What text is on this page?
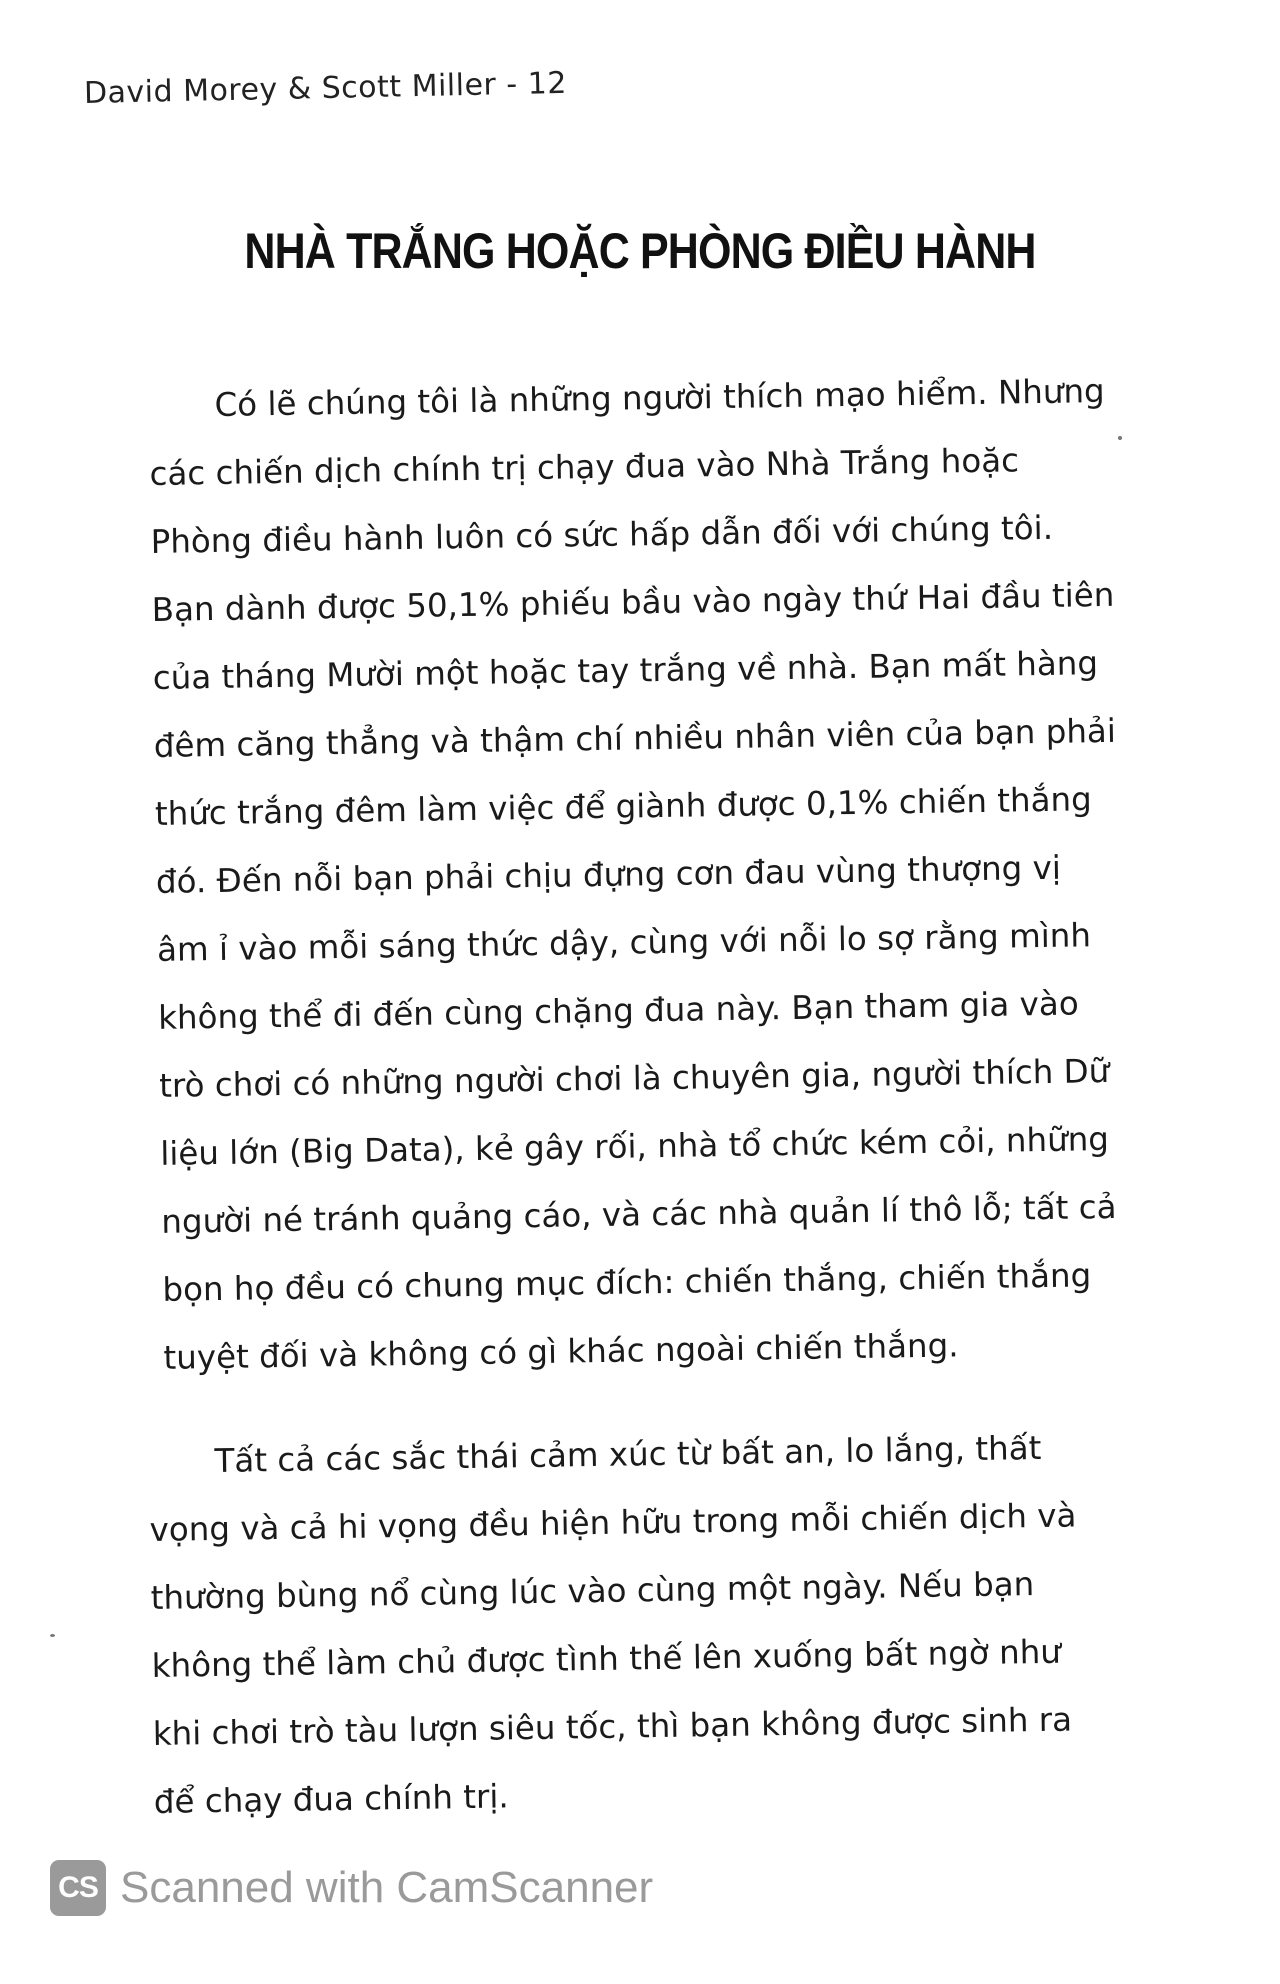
David Morey & Scott Miller - 12
NHÀ TRẮNG HOẶC PHÒNG ĐIỀU HÀNH
Có lẽ chúng tôi là những người thích mạo hiểm. Nhưng
các chiến dịch chính trị chạy đua vào Nhà Trắng hoặc
Phòng điều hành luôn có sức hấp dẫn đối với chúng tôi.
Bạn dành được 50,1% phiếu bầu vào ngày thứ Hai đầu tiên
của tháng Mười một hoặc tay trắng về nhà. Bạn mất hàng
đêm căng thẳng và thậm chí nhiều nhân viên của bạn phải
thức trắng đêm làm việc để giành được 0,1% chiến thắng
đó. Đến nỗi bạn phải chịu đựng cơn đau vùng thượng vị
âm ỉ vào mỗi sáng thức dậy, cùng với nỗi lo sợ rằng mình
không thể đi đến cùng chặng đua này. Bạn tham gia vào
trò chơi có những người chơi là chuyên gia, người thích Dữ
liệu lớn (Big Data), kẻ gây rối, nhà tổ chức kém cỏi, những
người né tránh quảng cáo, và các nhà quản lí thô lỗ; tất cả
bọn họ đều có chung mục đích: chiến thắng, chiến thắng
tuyệt đối và không có gì khác ngoài chiến thắng.
Tất cả các sắc thái cảm xúc từ bất an, lo lắng, thất
vọng và cả hi vọng đều hiện hữu trong mỗi chiến dịch và
thường bùng nổ cùng lúc vào cùng một ngày. Nếu bạn
không thể làm chủ được tình thế lên xuống bất ngờ như
khi chơi trò tàu lượn siêu tốc, thì bạn không được sinh ra
để chạy đua chính trị.
CS Scanned with CamScanner
